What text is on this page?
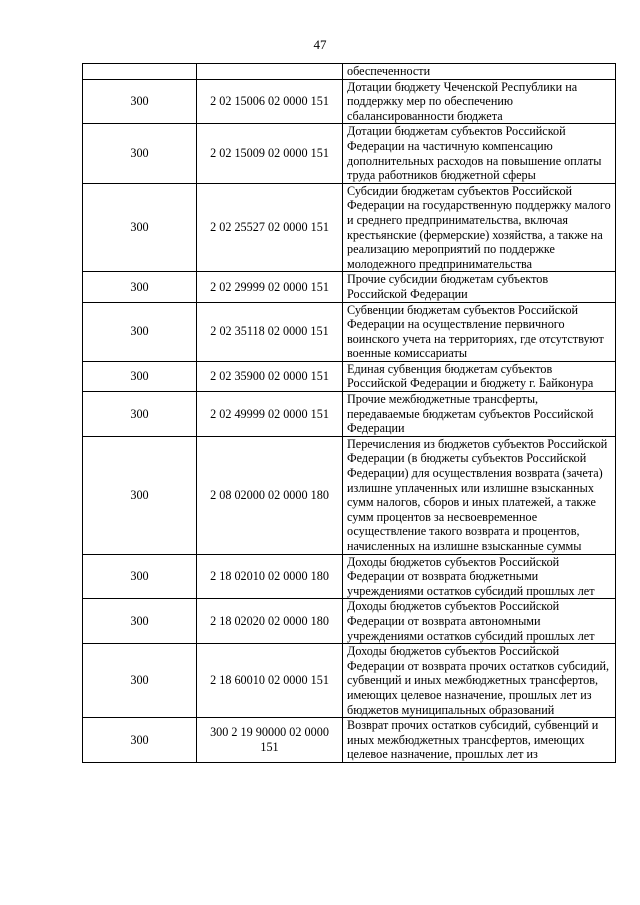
47
		обеспеченности
300	2 02 15006 02 0000 151	Дотации бюджету Чеченской Республики на поддержку мер по обеспечению сбалансированности бюджета
300	2 02 15009 02 0000 151	Дотации бюджетам субъектов Российской Федерации на частичную компенсацию дополнительных расходов на повышение оплаты труда работников бюджетной сферы
300	2 02 25527 02 0000 151	Субсидии бюджетам субъектов Российской Федерации на государственную поддержку малого и среднего предпринимательства, включая крестьянские (фермерские) хозяйства, а также на реализацию мероприятий по поддержке молодежного предпринимательства
300	2 02 29999 02 0000 151	Прочие субсидии бюджетам субъектов Российской Федерации
300	2 02 35118 02 0000 151	Субвенции бюджетам субъектов Российской Федерации на осуществление первичного воинского учета на территориях, где отсутствуют военные комиссариаты
300	2 02 35900 02 0000 151	Единая субвенция бюджетам субъектов Российской Федерации и бюджету г. Байконура
300	2 02 49999 02 0000 151	Прочие межбюджетные трансферты, передаваемые бюджетам субъектов Российской Федерации
300	2 08 02000 02 0000 180	Перечисления из бюджетов субъектов Российской Федерации (в бюджеты субъектов Российской Федерации) для осуществления возврата (зачета) излишне уплаченных или излишне взысканных сумм налогов, сборов и иных платежей, а также сумм процентов за несвоевременное осуществление такого возврата и процентов, начисленных на излишне взысканные суммы
300	2 18 02010 02 0000 180	Доходы бюджетов субъектов Российской Федерации от возврата бюджетными учреждениями остатков субсидий прошлых лет
300	2 18 02020 02 0000 180	Доходы бюджетов субъектов Российской Федерации от возврата автономными учреждениями остатков субсидий прошлых лет
300	2 18 60010 02 0000 151	Доходы бюджетов субъектов Российской Федерации от возврата прочих остатков субсидий, субвенций и иных межбюджетных трансфертов, имеющих целевое назначение, прошлых лет из бюджетов муниципальных образований
300	300 2 19 90000 02 0000 151	Возврат прочих остатков субсидий, субвенций и иных межбюджетных трансфертов, имеющих целевое назначение, прошлых лет из
